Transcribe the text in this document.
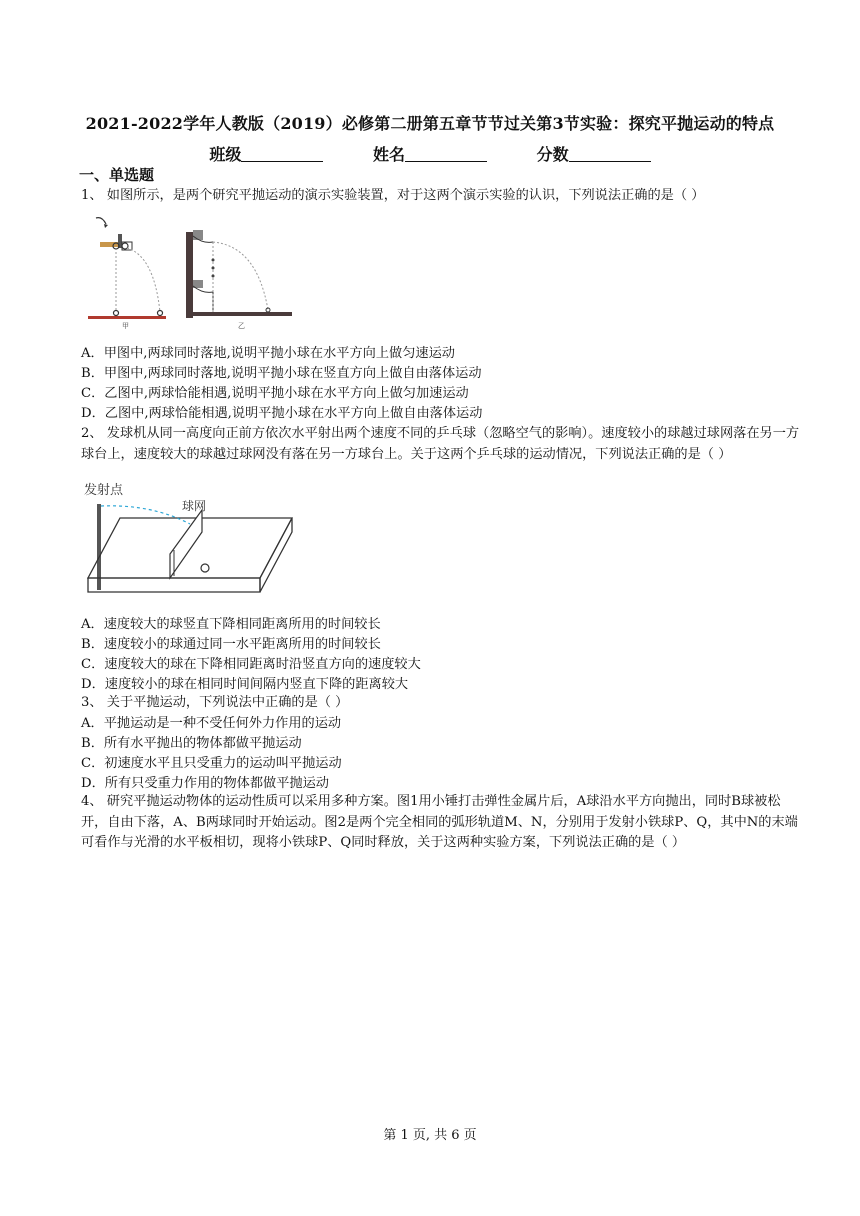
2021-2022学年人教版（2019）必修第二册第五章节节过关第3节实验：探究平抛运动的特点
班级	姓名	分数
一、单选题
1、 如图所示，是两个研究平抛运动的演示实验装置，对于这两个演示实验的认识，下列说法正确的是（ ）
甲	乙
A．甲图中,两球同时落地,说明平抛小球在水平方向上做匀速运动
B．甲图中,两球同时落地,说明平抛小球在竖直方向上做自由落体运动
C．乙图中,两球恰能相遇,说明平抛小球在水平方向上做匀加速运动
D．乙图中,两球恰能相遇,说明平抛小球在水平方向上做自由落体运动
2、 发球机从同一高度向正前方依次水平射出两个速度不同的乒乓球（忽略空气的影响）。速度较小的球越过球网落在另一方球台上，速度较大的球越过球网没有落在另一方球台上。关于这两个乒乓球的运动情况，下列说法正确的是（ ）
发射点
球网
A．速度较大的球竖直下降相同距离所用的时间较长
B．速度较小的球通过同一水平距离所用的时间较长
C．速度较大的球在下降相同距离时沿竖直方向的速度较大
D．速度较小的球在相同时间间隔内竖直下降的距离较大
3、 关于平抛运动，下列说法中正确的是（ ）
A．平抛运动是一种不受任何外力作用的运动
B．所有水平抛出的物体都做平抛运动
C．初速度水平且只受重力的运动叫平抛运动
D．所有只受重力作用的物体都做平抛运动
4、 研究平抛运动物体的运动性质可以采用多种方案。图1用小锤打击弹性金属片后，A球沿水平方向抛出，同时B球被松开，自由下落，A、B两球同时开始运动。图2是两个完全相同的弧形轨道M、N，分别用于发射小铁球P、Q，其中N的末端可看作与光滑的水平板相切，现将小铁球P、Q同时释放，关于这两种实验方案，下列说法正确的是（ ）
第 1 页, 共 6 页
